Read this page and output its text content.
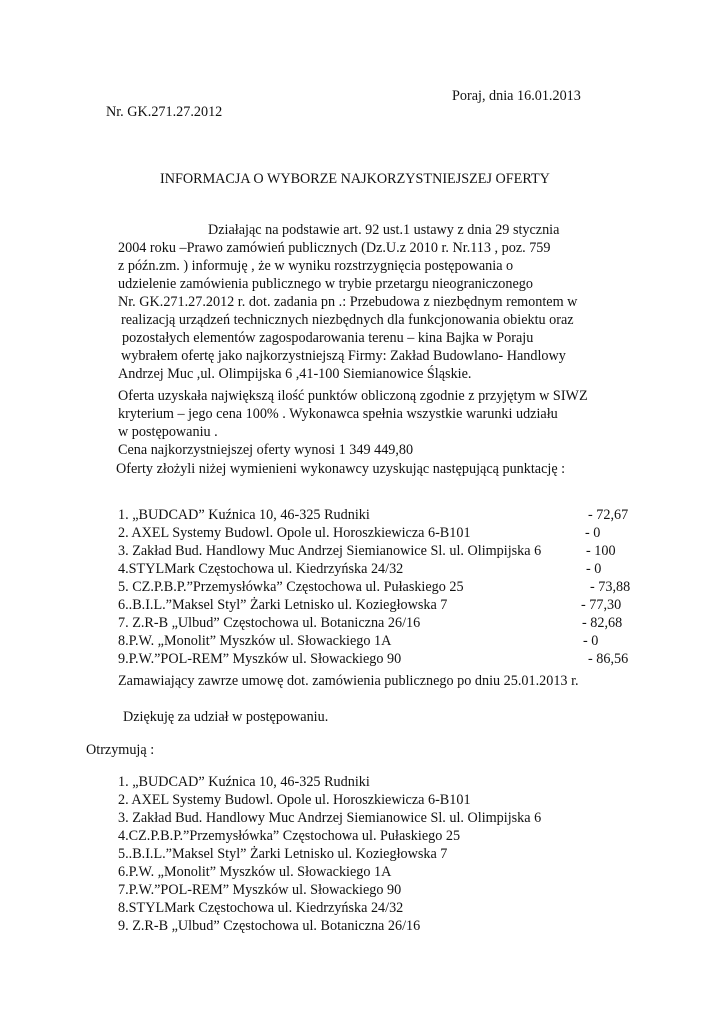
Poraj, dnia 16.01.2013
Nr. GK.271.27.2012
INFORMACJA O WYBORZE NAJKORZYSTNIEJSZEJ OFERTY
Działając na podstawie art. 92 ust.1 ustawy z dnia 29 stycznia
2004 roku –Prawo zamówień publicznych (Dz.U.z 2010 r. Nr.113 , poz. 759
z późn.zm. ) informuję , że w wyniku rozstrzygnięcia postępowania o
udzielenie zamówienia publicznego w trybie przetargu nieograniczonego
Nr. GK.271.27.2012 r. dot. zadania pn .: Przebudowa z niezbędnym remontem w
realizacją urządzeń technicznych niezbędnych dla funkcjonowania obiektu oraz
pozostałych elementów zagospodarowania terenu – kina Bajka w Poraju
wybrałem ofertę jako najkorzystniejszą Firmy: Zakład Budowlano- Handlowy
Andrzej Muc ,ul. Olimpijska 6 ,41-100 Siemianowice Śląskie.
Oferta uzyskała największą ilość punktów obliczoną zgodnie z przyjętym w SIWZ
kryterium – jego cena 100% . Wykonawca spełnia wszystkie warunki udziału
w postępowaniu .
Cena najkorzystniejszej oferty wynosi 1 349 449,80
Oferty złożyli niżej wymienieni wykonawcy uzyskując następującą punktację :
1. „BUDCAD” Kuźnica 10, 46-325 Rudniki	- 72,67
2. AXEL Systemy Budowl. Opole ul. Horoszkiewicza 6-B101	- 0
3. Zakład Bud. Handlowy Muc Andrzej Siemianowice Sl. ul. Olimpijska 6	- 100
4.STYLMark Częstochowa ul. Kiedrzyńska 24/32	- 0
5. CZ.P.B.P.”Przemysłówka” Częstochowa ul. Pułaskiego 25	- 73,88
6..B.I.L.”Maksel Styl” Żarki Letnisko ul. Koziegłowska 7	- 77,30
7. Z.R-B „Ulbud” Częstochowa ul. Botaniczna 26/16	- 82,68
8.P.W. „Monolit” Myszków ul. Słowackiego 1A	- 0
9.P.W.”POL-REM” Myszków ul. Słowackiego 90	- 86,56
Zamawiający zawrze umowę dot. zamówienia publicznego po dniu 25.01.2013 r.
Dziękuję za udział w postępowaniu.
Otrzymują :
1. „BUDCAD” Kuźnica 10, 46-325 Rudniki
2. AXEL Systemy Budowl. Opole ul. Horoszkiewicza 6-B101
3. Zakład Bud. Handlowy Muc Andrzej Siemianowice Sl. ul. Olimpijska 6
4.CZ.P.B.P.”Przemysłówka” Częstochowa ul. Pułaskiego 25
5..B.I.L.”Maksel Styl” Żarki Letnisko ul. Koziegłowska 7
6.P.W. „Monolit” Myszków ul. Słowackiego 1A
7.P.W.”POL-REM” Myszków ul. Słowackiego 90
8.STYLMark Częstochowa ul. Kiedrzyńska 24/32
9. Z.R-B „Ulbud” Częstochowa ul. Botaniczna 26/16
